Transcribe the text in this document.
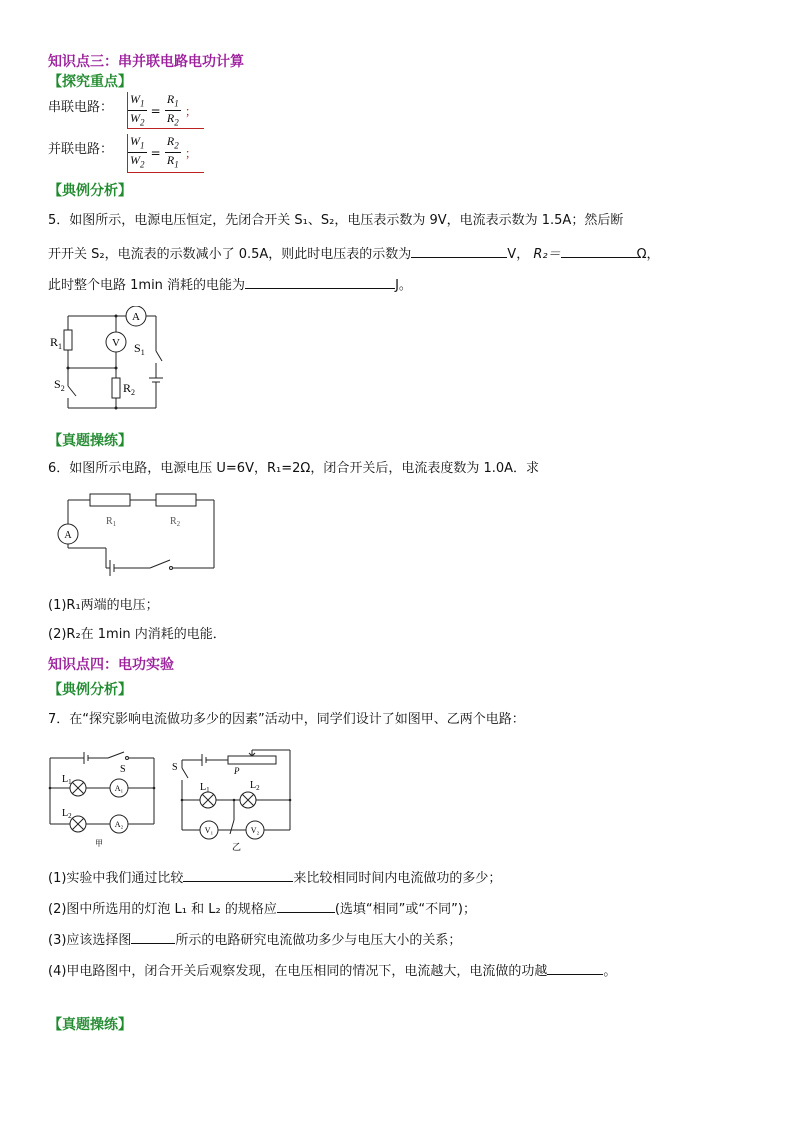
知识点三：串并联电路电功计算
【探究重点】
串联电路： $\frac{W_1}{W_2} = \frac{R_1}{R_2}$ ；
并联电路： $\frac{W_1}{W_2} = \frac{R_2}{R_1}$ ；
【典例分析】
5．如图所示，电源电压恒定，先闭合开关 S₁、S₂，电压表示数为 9V，电流表示数为 1.5A；然后断
开开关 S₂，电流表的示数减小了 0.5A，则此时电压表的示数为	V， R₂＝	Ω，
此时整个电路 1min 消耗的电能为	J。
A
V
$R_1$
$R_2$
$S_1$
$S_2$
【真题操练】
6．如图所示电路，电源电压 U=6V，R₁=2Ω，闭合开关后，电流表度数为 1.0A．求
A
$R_1$	$R_2$
(1)R₁两端的电压；
(2)R₂在 1min 内消耗的电能．
知识点四：电功实验
【典例分析】
7．在“探究影响电流做功多少的因素”活动中，同学们设计了如图甲、乙两个电路：
S
$L_1$
$L_2$
A₁
A₂
甲
S	P
$L_1$	$L_2$
V₁	V₂
乙
(1)实验中我们通过比较	来比较相同时间内电流做功的多少；
(2)图中所选用的灯泡 L₁ 和 L₂ 的规格应	(选填“相同”或“不同”)；
(3)应该选择图	所示的电路研究电流做功多少与电压大小的关系；
(4)甲电路图中，闭合开关后观察发现，在电压相同的情况下，电流越大，电流做的功越	。
【真题操练】
